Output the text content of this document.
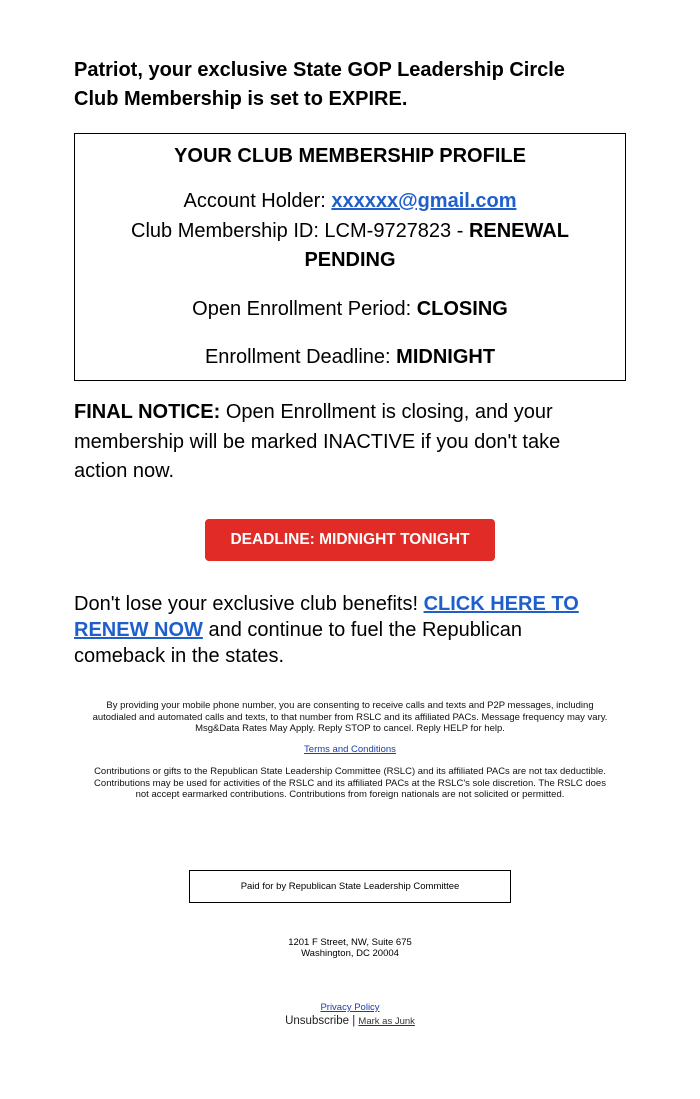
Patriot, your exclusive State GOP Leadership Circle
Club Membership is set to EXPIRE.
YOUR CLUB MEMBERSHIP PROFILE
Account Holder: xxxxxx@gmail.com
Club Membership ID: LCM-9727823 - RENEWAL
PENDING
Open Enrollment Period: CLOSING
Enrollment Deadline: MIDNIGHT
FINAL NOTICE: Open Enrollment is closing, and your
membership will be marked INACTIVE if you don't take
action now.
DEADLINE: MIDNIGHT TONIGHT
Don't lose your exclusive club benefits! CLICK HERE TO
RENEW NOW and continue to fuel the Republican
comeback in the states.
By providing your mobile phone number, you are consenting to receive calls and texts and P2P messages, including
autodialed and automated calls and texts, to that number from RSLC and its affiliated PACs. Message frequency may vary.
Msg&Data Rates May Apply. Reply STOP to cancel. Reply HELP for help.
Terms and Conditions
Contributions or gifts to the Republican State Leadership Committee (RSLC) and its affiliated PACs are not tax deductible.
Contributions may be used for activities of the RSLC and its affiliated PACs at the RSLC's sole discretion. The RSLC does
not accept earmarked contributions. Contributions from foreign nationals are not solicited or permitted.
Paid for by Republican State Leadership Committee
1201 F Street, NW, Suite 675
Washington, DC 20004
Privacy Policy
Unsubscribe | Mark as Junk
